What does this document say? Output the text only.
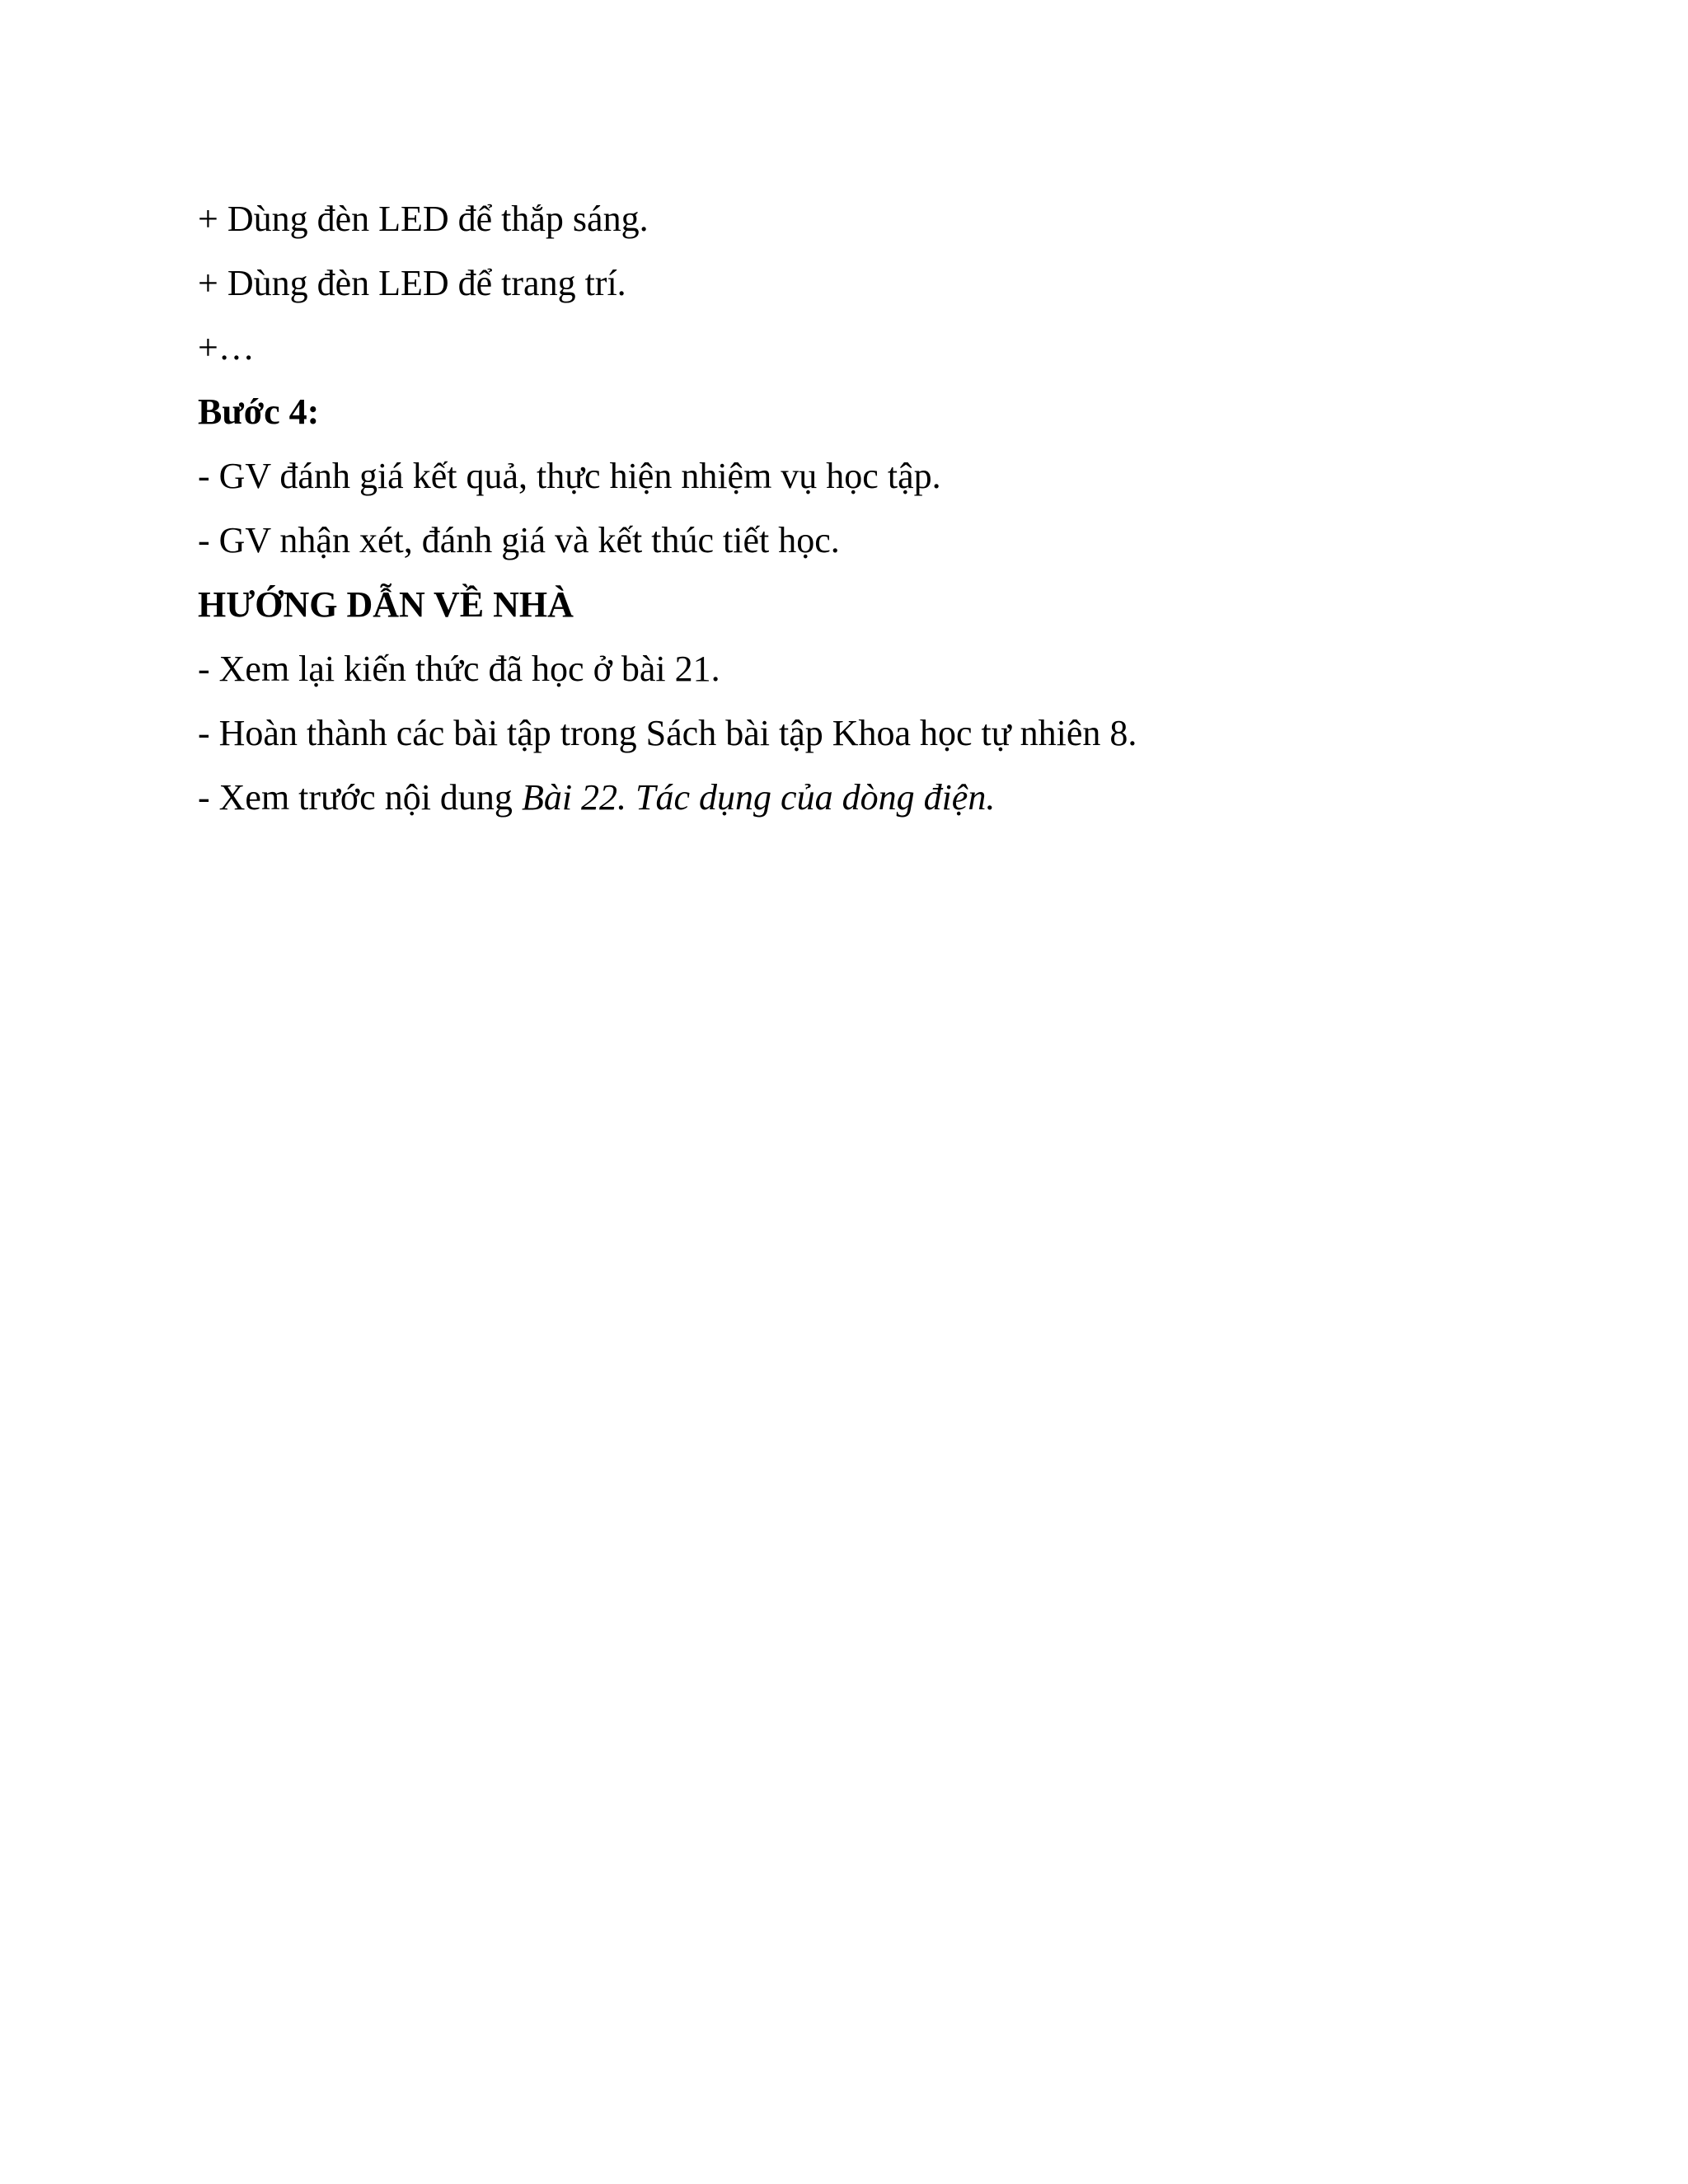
+ Dùng đèn LED để thắp sáng.
+ Dùng đèn LED để trang trí.
+…
Bước 4:
- GV đánh giá kết quả, thực hiện nhiệm vụ học tập.
- GV nhận xét, đánh giá và kết thúc tiết học.
HƯỚNG DẪN VỀ NHÀ
- Xem lại kiến thức đã học ở bài 21.
- Hoàn thành các bài tập trong Sách bài tập Khoa học tự nhiên 8.
- Xem trước nội dung Bài 22. Tác dụng của dòng điện.
